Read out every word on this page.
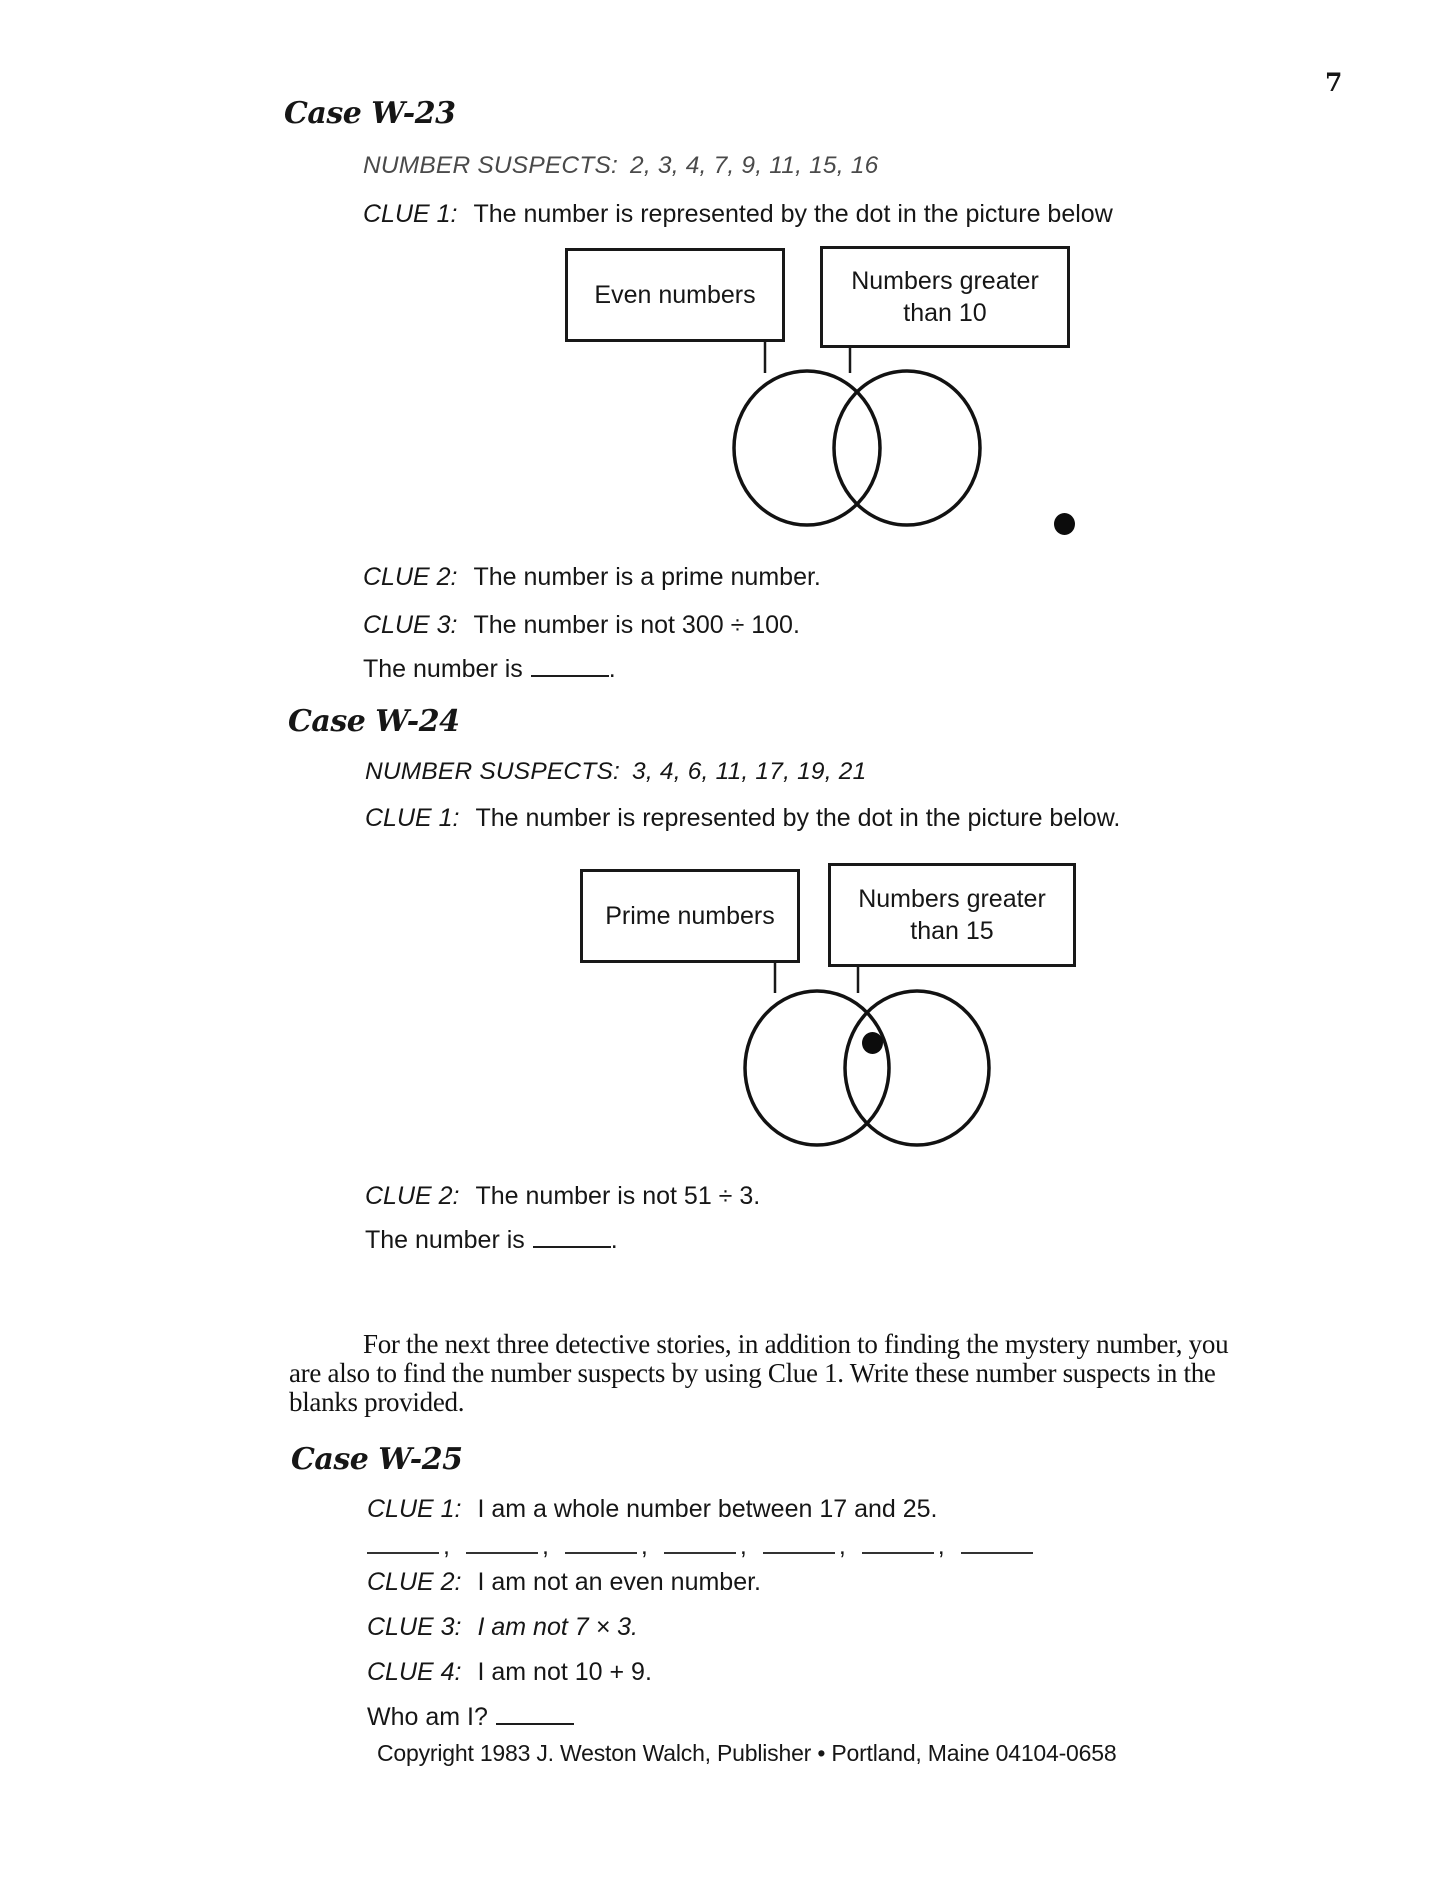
7
Case W-23
NUMBER SUSPECTS: 2, 3, 4, 7, 9, 11, 15, 16
CLUE 1: The number is represented by the dot in the picture below
Even numbers	Numbers greater
than 10
CLUE 2: The number is a prime number.
CLUE 3: The number is not 300 ÷ 100.
The number is	.
Case W-24
NUMBER SUSPECTS: 3, 4, 6, 11, 17, 19, 21
CLUE 1: The number is represented by the dot in the picture below.
Prime numbers
Numbers greater
than 15
CLUE 2: The number is not 51 ÷ 3.
The number is	.
For the next three detective stories, in addition to finding the mystery number, you
are also to find the number suspects by using Clue 1. Write these number suspects in the
blanks provided.
Case W-25
CLUE 1: I am a whole number between 17 and 25.
,	,	,	,	,	,
CLUE 2: I am not an even number.
CLUE 3: I am not 7 × 3.
CLUE 4: I am not 10 + 9.
Who am I?
Copyright 1983 J. Weston Walch, Publisher • Portland, Maine 04104-0658
